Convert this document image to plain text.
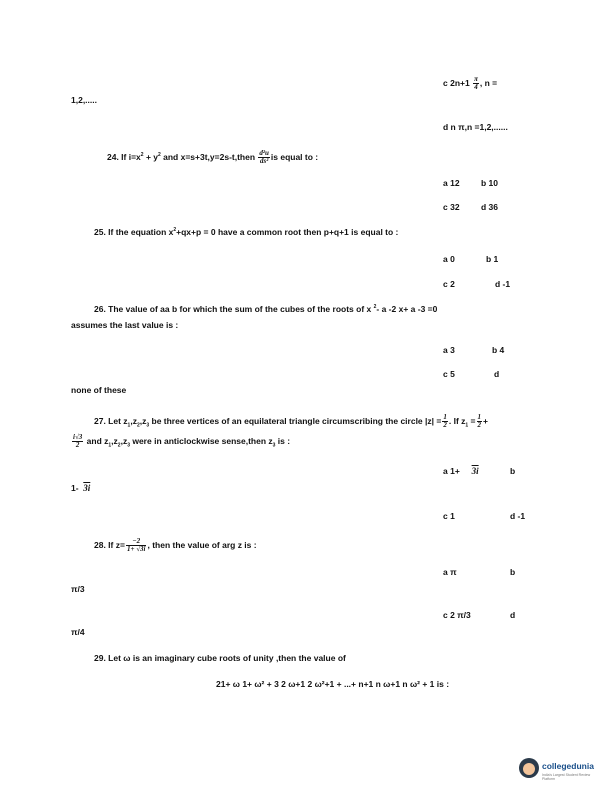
c $2n+1 \frac{\pi}{4}$ , n =
1,2,.....
d n π,n =1,2,......
24. If $i=x^2 + y^2$ and x=s+3t,y=2s-t,then $\frac{\text{d²u}}{\text{ds²}}$ is equal to :
a 12	b 10
c 32	d 36
25. If the equation $x^2+qx+p = 0$ have a common root then p+q+1 is equal to :
a 0	b 1
c 2	d -1
26. The value of aa b for which the sum of the cubes of the roots of x $^2$- a -2 x+ a -3 =0
assumes the last value is :
a 3	b 4
c 5	d
none of these
27. Let $z_1,z_2,z_3$ be three vertices of an equilateral triangle circumscribing the circle $|z| = \frac{1}{2}$ . If $z_1 = \frac{1}{2}$ +
$\frac{i√3}{2}$ and $z_1,z_2,z_3$ were in anticlockwise sense,then $z_3$ is :
a 1+ 3i	b
1- 3i
c 1	d -1
28. If $z= \frac{-2}{1+ √3i}$ , then the value of arg z is :
a π	b
π/3
c 2 π/3	d
π/4
29. Let ω is an imaginary cube roots of unity ,then the value of
21+ ω 1+ ω² + 3 2 ω+1 2 ω²+1 + ...+ n+1 n ω+1 n ω² + 1 is :
collegedunia
India's Largest Student Review Platform
